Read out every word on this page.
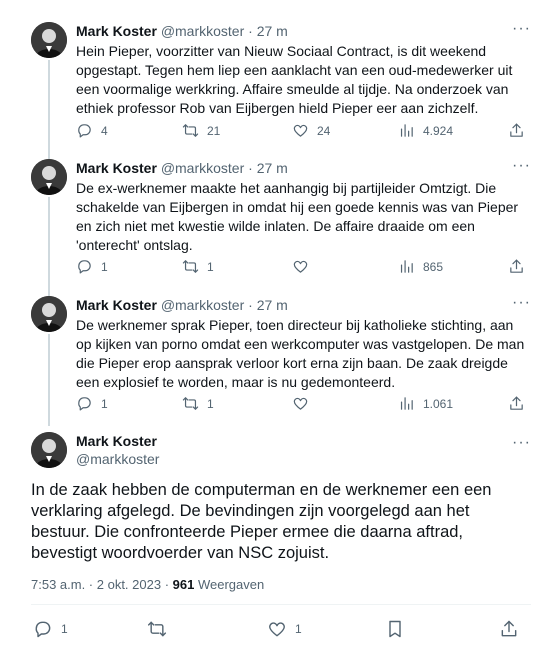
Mark Koster @markkoster · 27 m	···
Hein Pieper, voorzitter van Nieuw Sociaal Contract, is dit weekend opgestapt. Tegen hem liep een aanklacht van een oud-medewerker uit een voormalige werkkring. Affaire smeulde al tijdje. Na onderzoek van ethiek professor Rob van Eijbergen hield Pieper eer aan zichzelf.
4	21	24	4.924
Mark Koster @markkoster · 27 m	···
De ex-werknemer maakte het aanhangig bij partijleider Omtzigt. Die schakelde van Eijbergen in omdat hij een goede kennis was van Pieper en zich niet met kwestie wilde inlaten. De affaire draaide om een 'onterecht' ontslag.
1	1	865
Mark Koster @markkoster · 27 m	···
De werknemer sprak Pieper, toen directeur bij katholieke stichting, aan op kijken van porno omdat een werkcomputer was vastgelopen. De man die Pieper erop aansprak verloor kort erna zijn baan. De zaak dreigde een explosief te worden, maar is nu gedemonteerd.
1	1	1.061
Mark Koster
@markkoster
···
In de zaak hebben de computerman en de werknemer een een verklaring afgelegd. De bevindingen zijn voorgelegd aan het bestuur. Die confronteerde Pieper ermee die daarna aftrad, bevestigt woordvoerder van NSC zojuist.
7:53 a.m. · 2 okt. 2023 · 961 Weergaven
1	1
